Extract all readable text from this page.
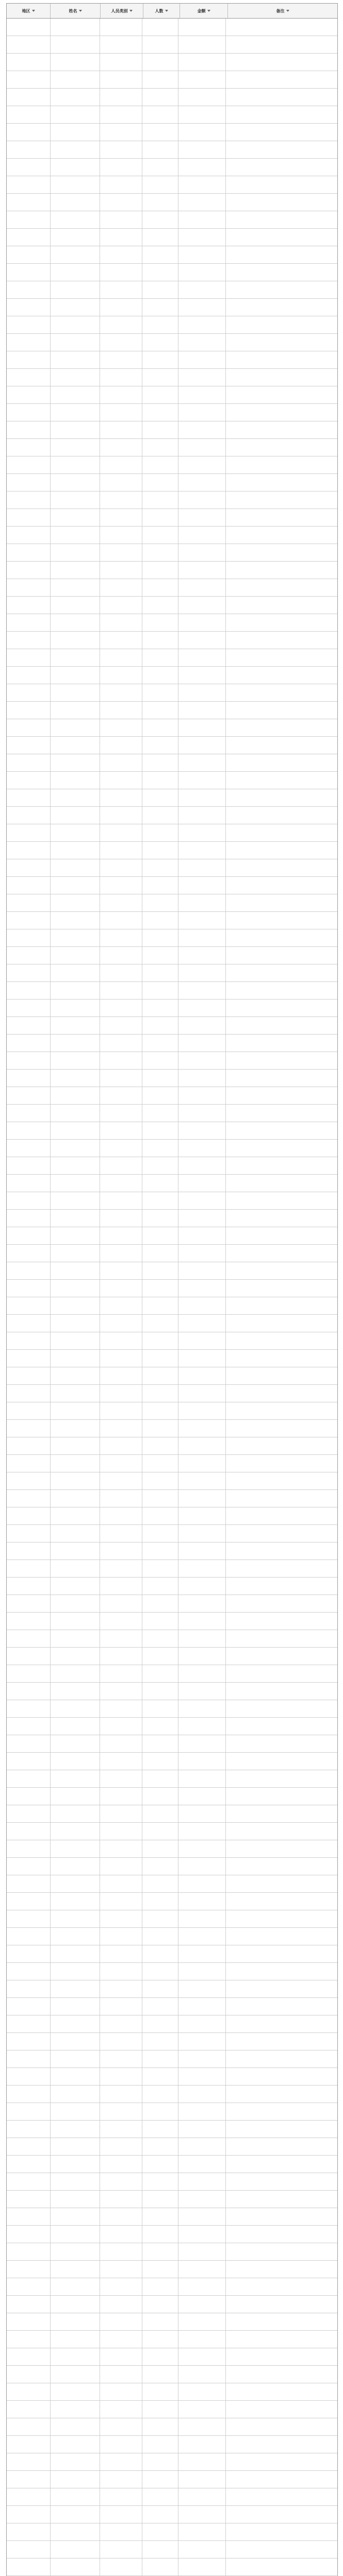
地区	姓名	人员类别	人数	金额	备注
